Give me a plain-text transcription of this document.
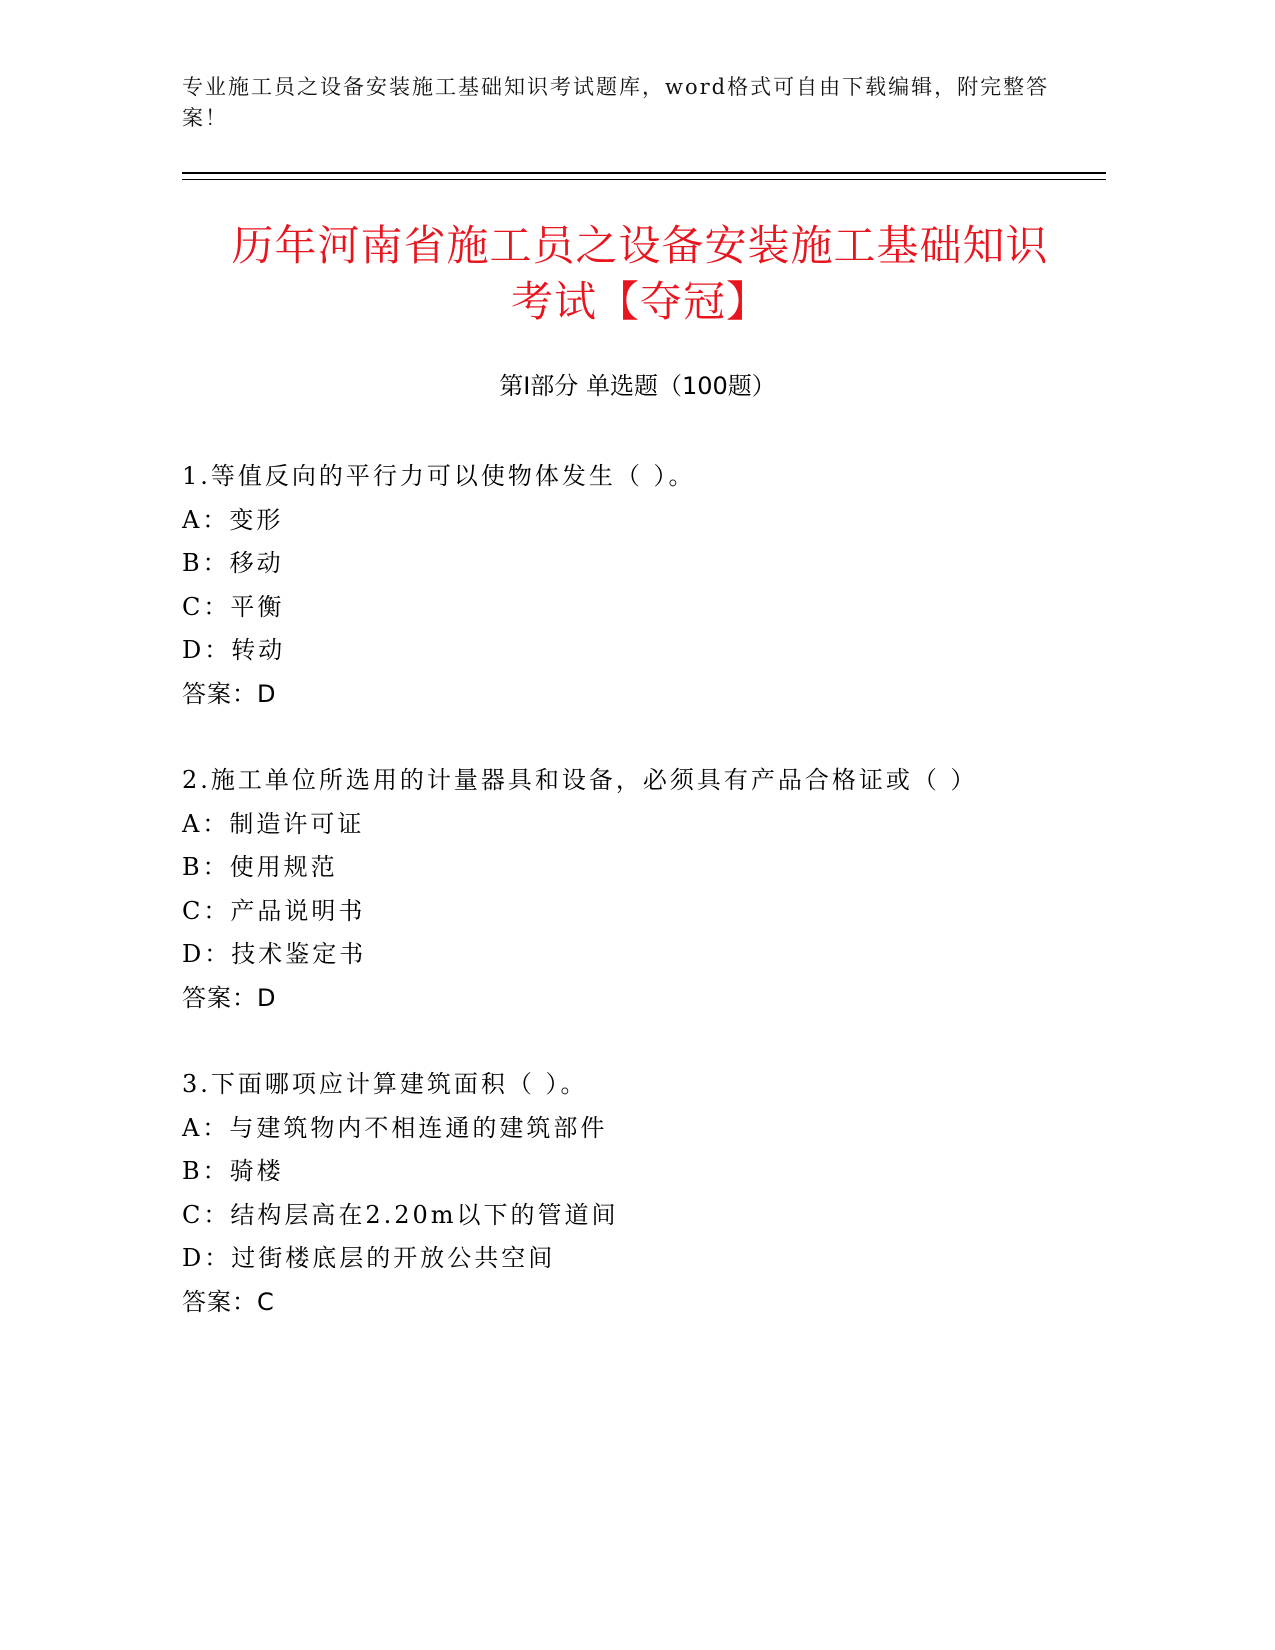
专业施工员之设备安装施工基础知识考试题库，word格式可自由下载编辑，附完整答案！
历年河南省施工员之设备安装施工基础知识
考试【夺冠】
第Ⅰ部分 单选题（100题）
1.等值反向的平行力可以使物体发生（ ）。
A：变形
B：移动
C：平衡
D：转动
答案：D
2.施工单位所选用的计量器具和设备，必须具有产品合格证或（ ）
A：制造许可证
B：使用规范
C：产品说明书
D：技术鉴定书
答案：D
3.下面哪项应计算建筑面积（ ）。
A：与建筑物内不相连通的建筑部件
B：骑楼
C：结构层高在2.20m以下的管道间
D：过街楼底层的开放公共空间
答案：C
